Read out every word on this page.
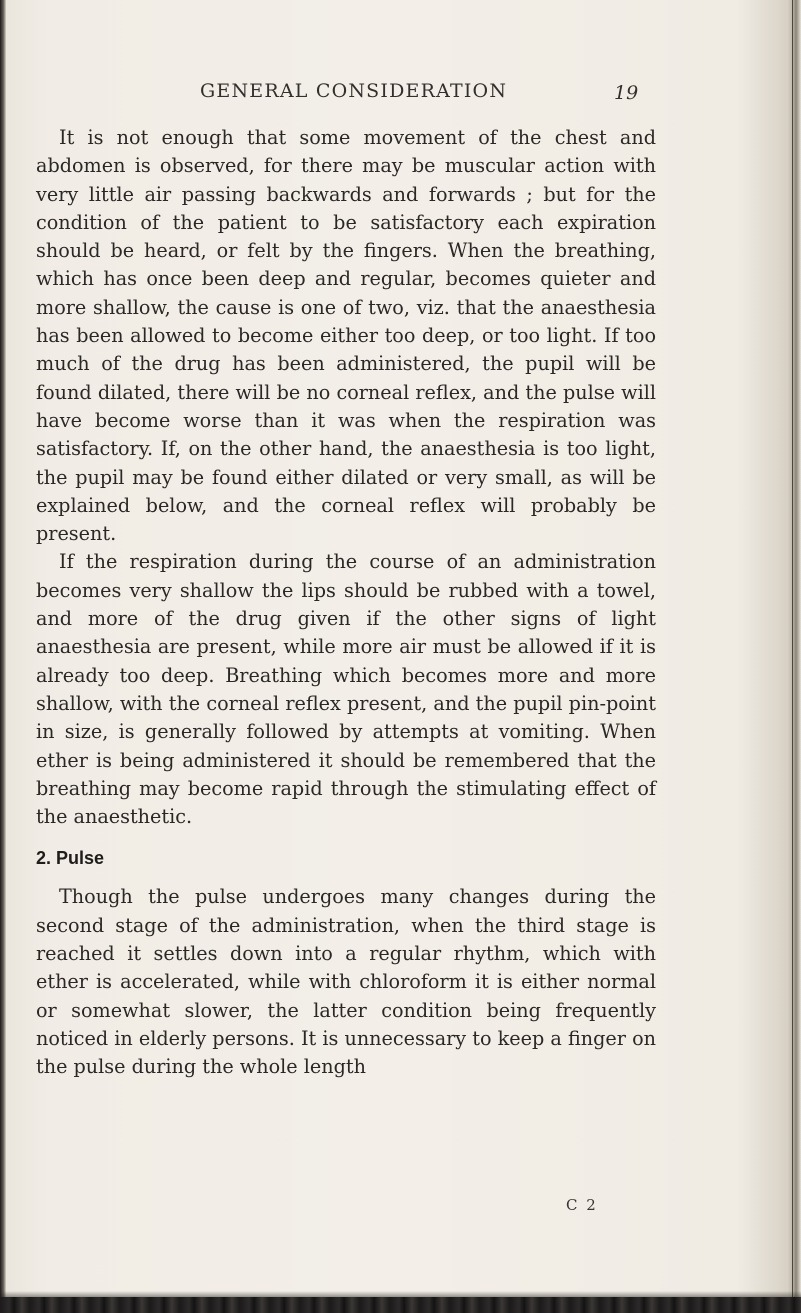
GENERAL CONSIDERATION	19

It is not enough that some movement of the chest and abdomen is observed, for there may be muscular action with very little air passing backwards and forwards ; but for the condition of the patient to be satisfactory each expiration should be heard, or felt by the fingers. When the breathing, which has once been deep and regular, becomes quieter and more shallow, the cause is one of two, viz. that the anaesthesia has been allowed to become either too deep, or too light. If too much of the drug has been administered, the pupil will be found dilated, there will be no corneal reflex, and the pulse will have become worse than it was when the respiration was satisfactory. If, on the other hand, the anaesthesia is too light, the pupil may be found either dilated or very small, as will be explained below, and the corneal reflex will probably be present.

If the respiration during the course of an administration becomes very shallow the lips should be rubbed with a towel, and more of the drug given if the other signs of light anaesthesia are present, while more air must be allowed if it is already too deep. Breathing which becomes more and more shallow, with the corneal reflex present, and the pupil pin-point in size, is generally followed by attempts at vomiting. When ether is being administered it should be remembered that the breathing may become rapid through the stimulating effect of the anaesthetic.

2. Pulse

Though the pulse undergoes many changes during the second stage of the administration, when the third stage is reached it settles down into a regular rhythm, which with ether is accelerated, while with chloroform it is either normal or somewhat slower, the latter condition being frequently noticed in elderly persons. It is unnecessary to keep a finger on the pulse during the whole length

C 2
